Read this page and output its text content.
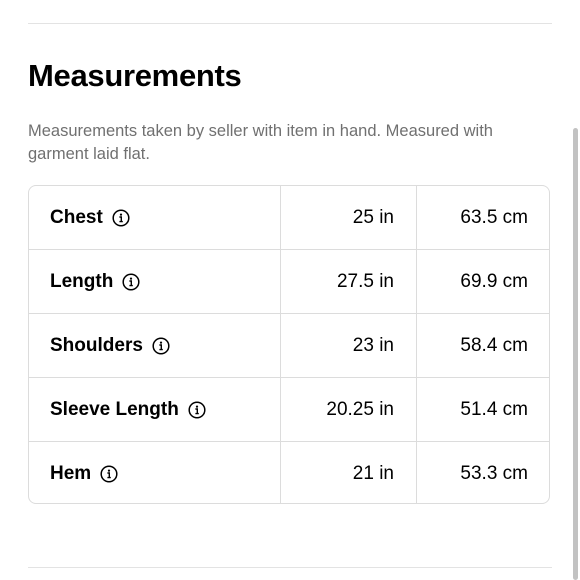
Measurements

Measurements taken by seller with item in hand. Measured with garment laid flat.

Chest	25 in	63.5 cm
Length	27.5 in	69.9 cm
Shoulders	23 in	58.4 cm
Sleeve Length	20.25 in	51.4 cm
Hem	21 in	53.3 cm
